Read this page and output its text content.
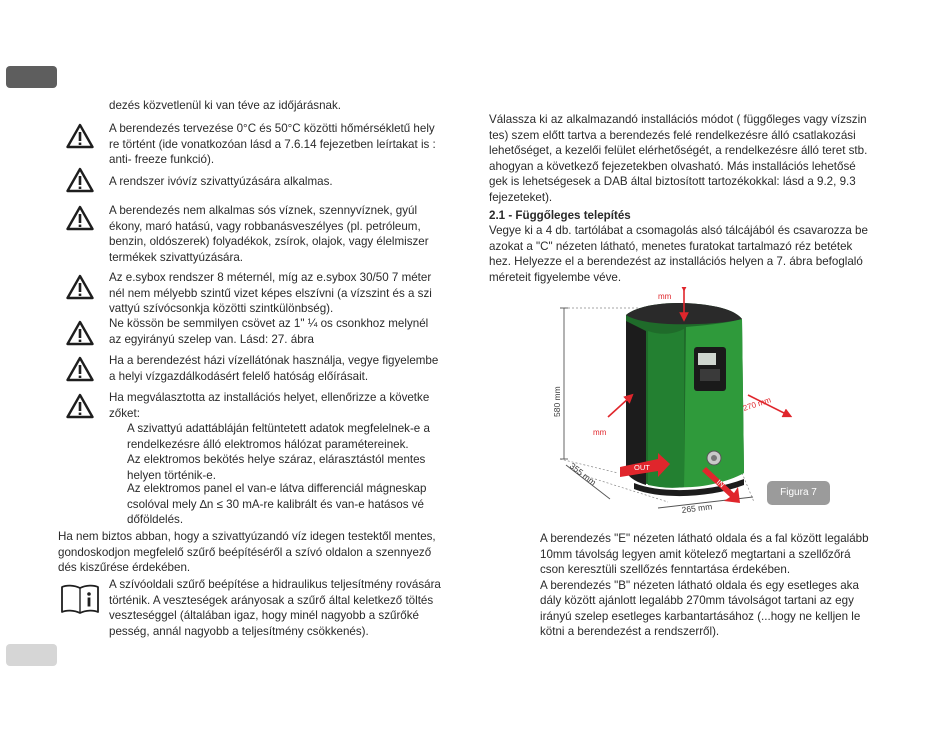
dezés közvetlenül ki van téve az időjárásnak.

A berendezés tervezése 0°C és 50°C közötti hőmérsékletű hely
re történt (ide vonatkozóan lásd a 7.6.14 fejezetben leírtakat is :
anti- freeze funkció).

A rendszer ivóvíz szivattyúzására alkalmas.

A berendezés nem alkalmas sós víznek, szennyvíznek, gyúl
ékony, maró hatású, vagy robbanásveszélyes (pl. petróleum,
benzin, oldószerek) folyadékok, zsírok, olajok, vagy élelmiszer
termékek szivattyúzására.

Az e.sybox rendszer 8 méternél, míg az e.sybox 30/50 7 méter
nél nem mélyebb szintű vizet képes elszívni (a vízszint és a szi
vattyú szívócsonkja közötti szintkülönbség).

Ne kössön be semmilyen csövet az 1" ¼ os csonkhoz melynél
az egyirányú szelep van. Lásd: 27. ábra

Ha a berendezést házi vízellátónak használja, vegye figyelembe
a helyi vízgazdálkodásért felelő hatóság előírásait.

Ha megválasztotta az installációs helyet, ellenőrizze a követke
zőket:

A szivattyú adattábláján feltüntetett adatok megfelelnek-e a
rendelkezésre álló elektromos hálózat paramétereinek.

Az elektromos bekötés helye száraz, elárasztástól mentes
helyen történik-e.

Az elektromos panel el van-e látva differenciál mágneskap
csolóval mely ∆n ≤ 30 mA-re kalibrált és van-e hatásos vé
dőföldelés.

Ha nem biztos abban, hogy a szivattyúzandó víz idegen testektől mentes,
gondoskodjon megfelelő szűrő beépítéséről a szívó oldalon a szennyező
dés kiszűrése érdekében.

A szívóoldali szűrő beépítése a hidraulikus teljesítmény rovására
történik. A veszteségek arányosak a szűrő által keletkező töltés
veszteséggel (általában igaz, hogy minél nagyobb a szűrőké
pesség, annál nagyobb a teljesítmény csökkenés).

Válassza ki az alkalmazandó installációs módot ( függőleges vagy vízszin
tes) szem előtt tartva a berendezés felé rendelkezésre álló csatlakozási
lehetőséget, a kezelői felület elérhetőségét, a rendelkezésre álló teret stb.
ahogyan a következő fejezetekben olvasható. Más installációs lehetősé
gek is lehetségesek a DAB által biztosított tartozékokkal: lásd a 9.2, 9.3
fejezeteket).

2.1 - Függőleges telepítés

Vegye ki a 4 db. tartólábat a csomagolás alsó tálcájából és csavarozza be
azokat a "C" nézeten látható, menetes furatokat tartalmazó réz betétek
hez. Helyezze el a berendezést az installációs helyen a 7. ábra befoglaló
méreteit figyelembe véve.

580 mm
355 mm
265 mm
mm
mm
270 mm
OUT
IN
Figura 7

A berendezés "E" nézeten látható oldala és a fal között legalább
10mm távolság legyen amit kötelező megtartani a szellőzőrá
cson keresztüli szellőzés fenntartása érdekében.
A berendezés "B" nézeten látható oldala és egy esetleges aka
dály között ajánlott legalább 270mm távolságot tartani az egy
irányú szelep esetleges karbantartásához (...hogy ne kelljen le
kötni a berendezést a rendszerről).
